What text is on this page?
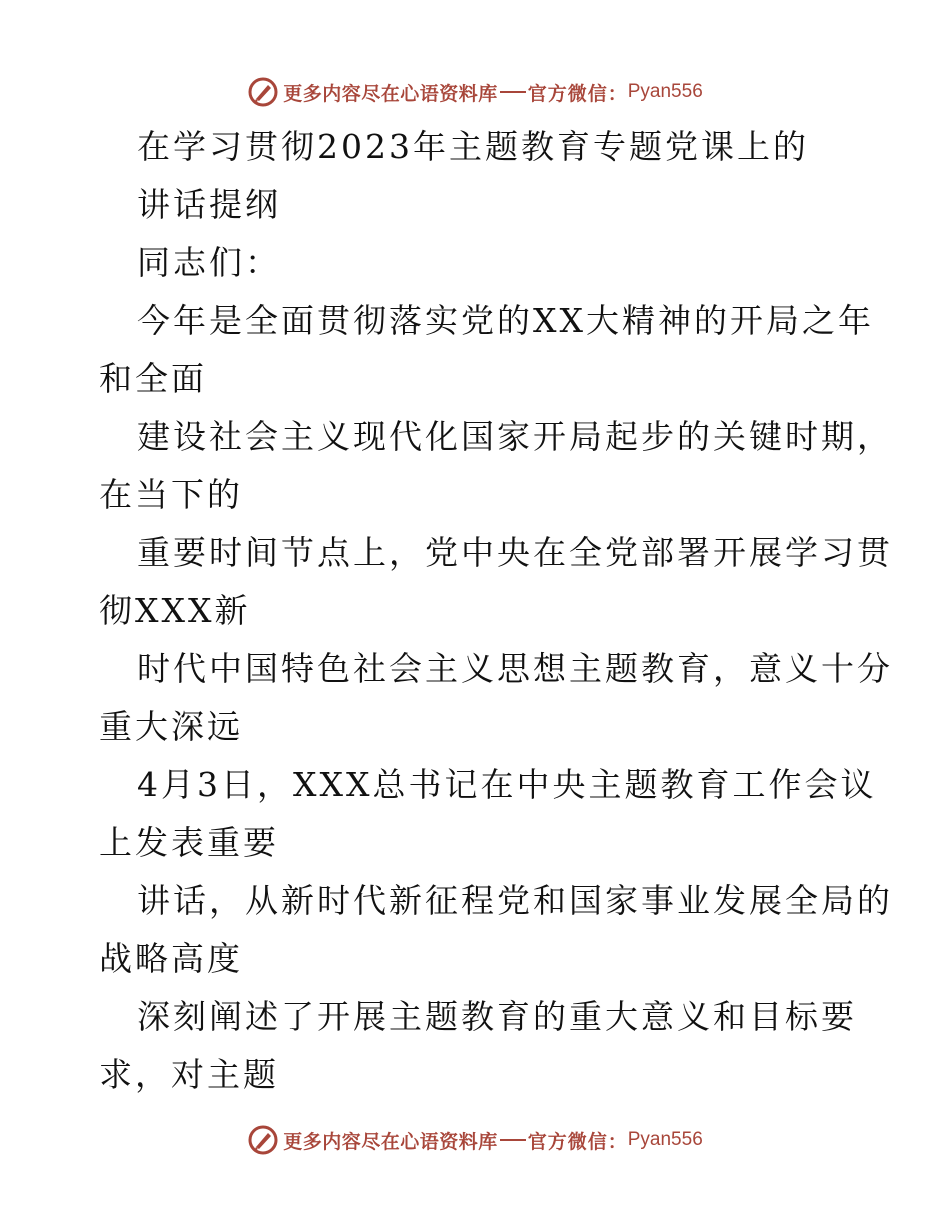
更多内容尽在心语资料库 官方微信： Pyan556
在学习贯彻2023年主题教育专题党课上的
讲话提纲
同志们：
今年是全面贯彻落实党的XX大精神的开局之年
和全面
建设社会主义现代化国家开局起步的关键时期，
在当下的
重要时间节点上，党中央在全党部署开展学习贯
彻XXX新
时代中国特色社会主义思想主题教育，意义十分
重大深远
4月3日，XXX总书记在中央主题教育工作会议
上发表重要
讲话，从新时代新征程党和国家事业发展全局的
战略高度
深刻阐述了开展主题教育的重大意义和目标要
求，对主题
更多内容尽在心语资料库 官方微信： Pyan556
